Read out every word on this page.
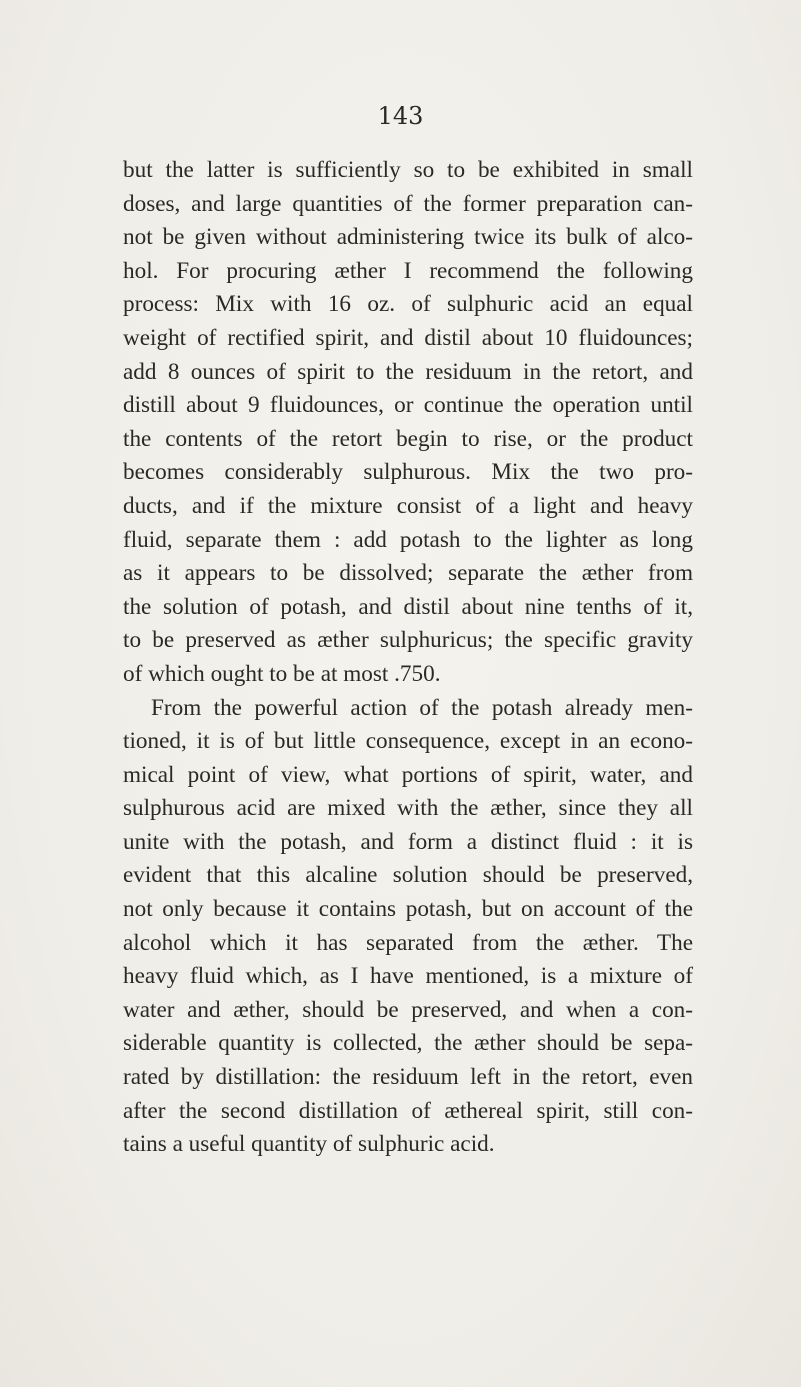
143

but the latter is sufficiently so to be exhibited in small
doses, and large quantities of the former preparation can-
not be given without administering twice its bulk of alco-
hol. For procuring æther I recommend the following
process: Mix with 16 oz. of sulphuric acid an equal
weight of rectified spirit, and distil about 10 fluidounces;
add 8 ounces of spirit to the residuum in the retort, and
distill about 9 fluidounces, or continue the operation until
the contents of the retort begin to rise, or the product
becomes considerably sulphurous. Mix the two pro-
ducts, and if the mixture consist of a light and heavy
fluid, separate them : add potash to the lighter as long
as it appears to be dissolved; separate the æther from
the solution of potash, and distil about nine tenths of it,
to be preserved as æther sulphuricus; the specific gravity
of which ought to be at most .750.

From the powerful action of the potash already men-
tioned, it is of but little consequence, except in an econo-
mical point of view, what portions of spirit, water, and
sulphurous acid are mixed with the æther, since they all
unite with the potash, and form a distinct fluid : it is
evident that this alcaline solution should be preserved,
not only because it contains potash, but on account of the
alcohol which it has separated from the æther. The
heavy fluid which, as I have mentioned, is a mixture of
water and æther, should be preserved, and when a con-
siderable quantity is collected, the æther should be sepa-
rated by distillation: the residuum left in the retort, even
after the second distillation of æthereal spirit, still con-
tains a useful quantity of sulphuric acid.
